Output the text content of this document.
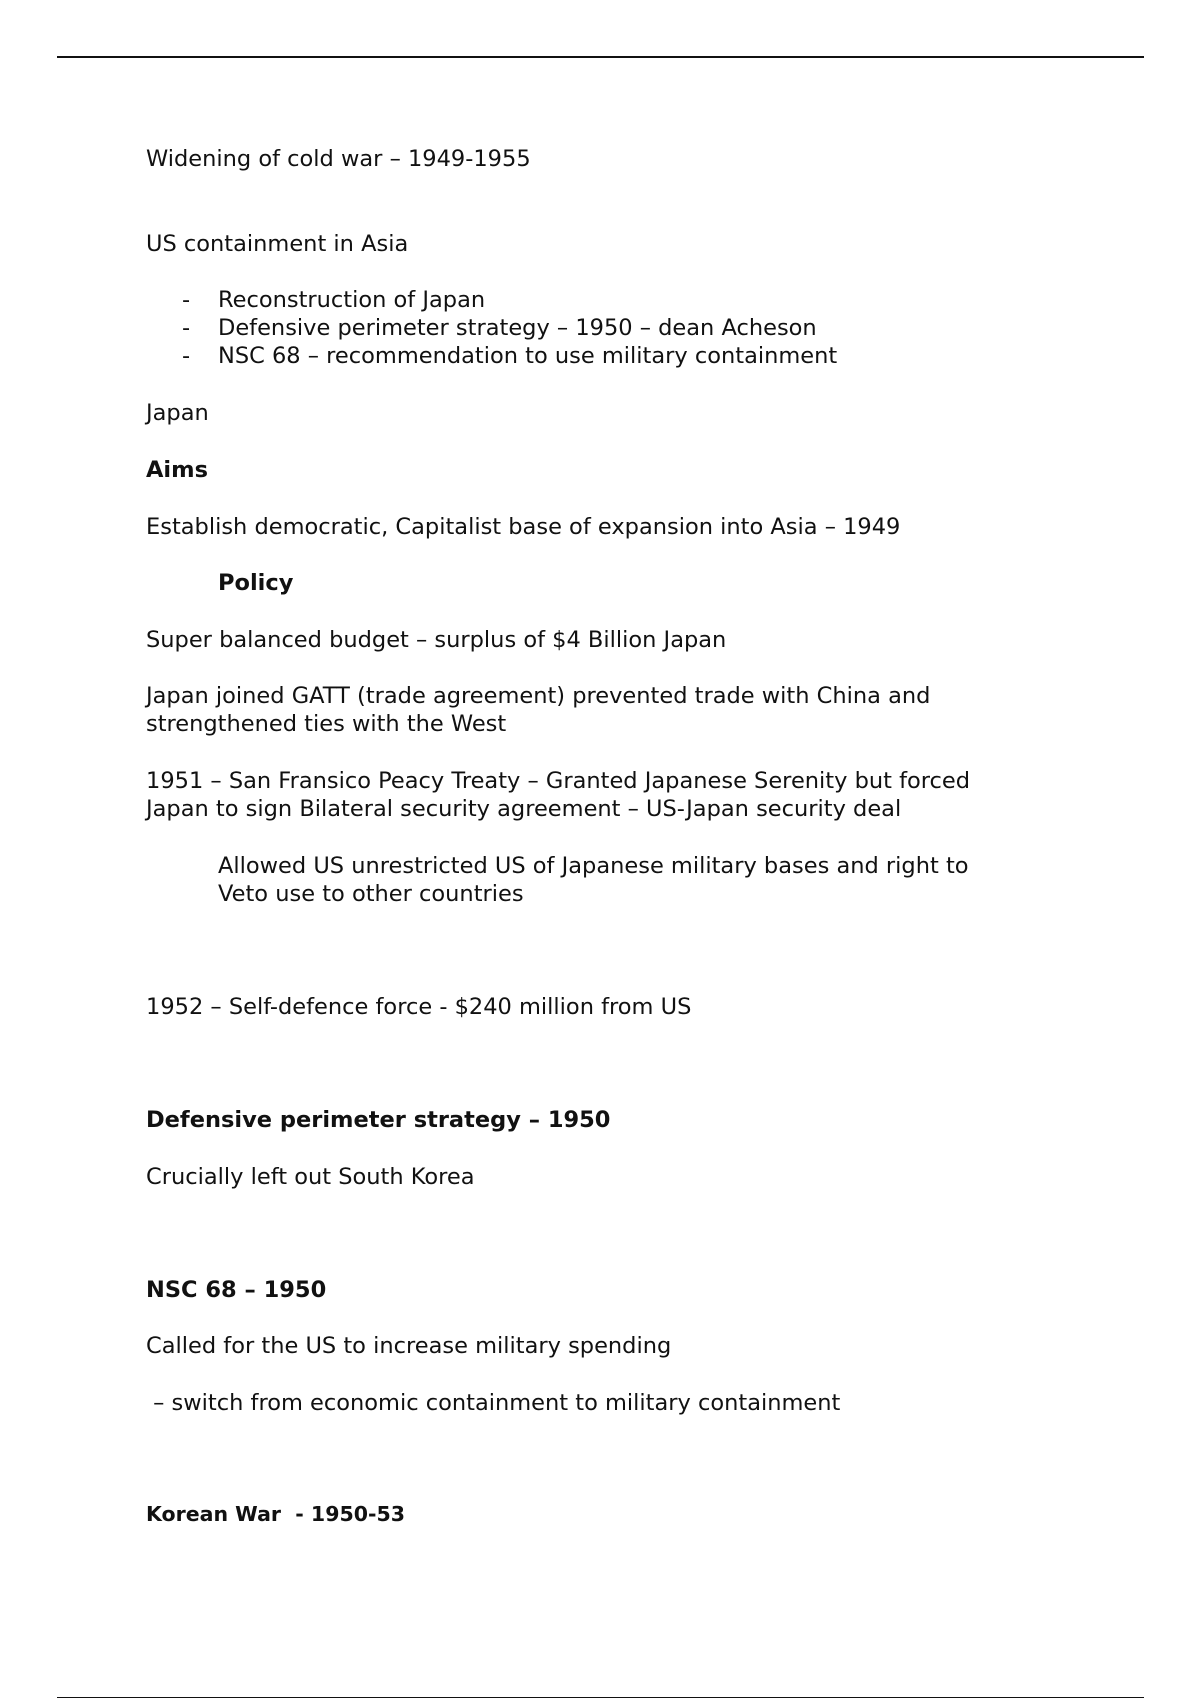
Widening of cold war – 1949-1955
US containment in Asia
- Reconstruction of Japan
- Defensive perimeter strategy – 1950 – dean Acheson
- NSC 68 – recommendation to use military containment
Japan
Aims
Establish democratic, Capitalist base of expansion into Asia – 1949
Policy
Super balanced budget – surplus of $4 Billion Japan
Japan joined GATT (trade agreement) prevented trade with China and
strengthened ties with the West
1951 – San Fransico Peacy Treaty – Granted Japanese Serenity but forced
Japan to sign Bilateral security agreement – US-Japan security deal
Allowed US unrestricted US of Japanese military bases and right to
Veto use to other countries
1952 – Self-defence force - $240 million from US
Defensive perimeter strategy – 1950
Crucially left out South Korea
NSC 68 – 1950
Called for the US to increase military spending
– switch from economic containment to military containment
Korean War  - 1950-53
